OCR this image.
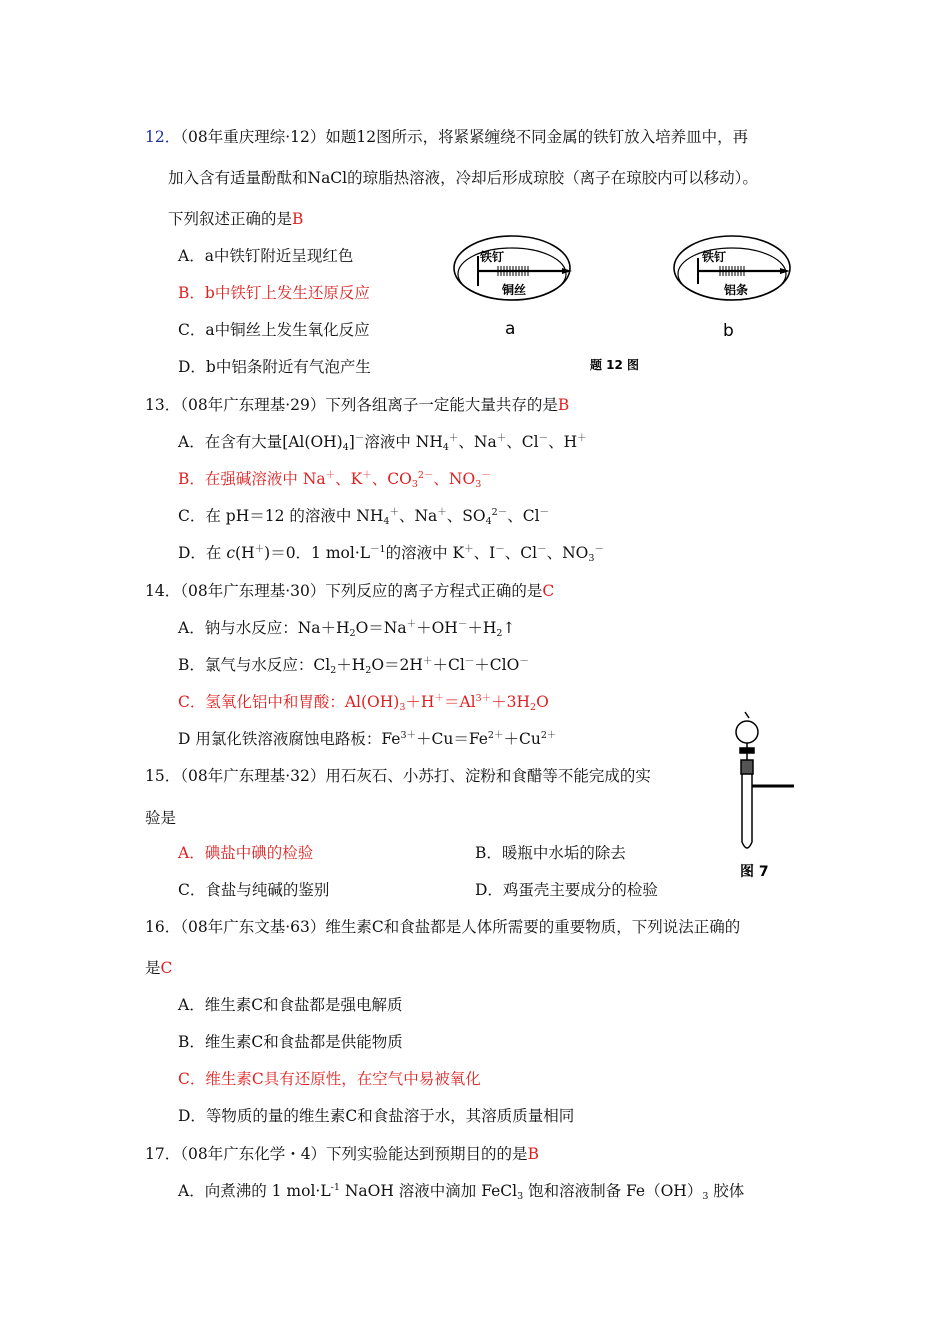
12．（08年重庆理综·12）如题12图所示，将紧紧缠绕不同金属的铁钉放入培养皿中，再
加入含有适量酚酞和NaCl的琼脂热溶液，冷却后形成琼胶（离子在琼胶内可以移动）。
下列叙述正确的是B
A．a中铁钉附近呈现红色
B．b中铁钉上发生还原反应
C．a中铜丝上发生氧化反应
D．b中铝条附近有气泡产生
铁钉
铜丝
a
铁钉
铝条
b
题 12 图
13．（08年广东理基·29）下列各组离子一定能大量共存的是B
A．在含有大量$[Al(OH)_4]^-$溶液中 $NH_4^+$、Na＋、Cl－、H＋
B．在强碱溶液中 Na＋、K＋、$CO_3^{2-}$、$NO_3^-$
C．在 pH＝12 的溶液中 $NH_4^+$、Na＋、$SO_4^{2-}$、Cl－
D．在 c(H＋)＝0．1 $mol\cdot L^{-1}$的溶液中 K＋、I－、Cl－、$NO_3^-$
14．（08年广东理基·30）下列反应的离子方程式正确的是C
A．钠与水反应：$Na+H_2O=Na^++OH^-+H_2↑$
B．氯气与水反应：$Cl_2+H_2O=2H^++Cl^-+ClO^-$
C．氢氧化铝中和胃酸：$Al(OH)_3+H^+=Al^{3+}+3H_2O$
D 用氯化铁溶液腐蚀电路板：$Fe^{3+}+Cu=Fe^{2+}+Cu^{2+}$
15．（08年广东理基·32）用石灰石、小苏打、淀粉和食醋等不能完成的实
验是
A．碘盐中碘的检验	B．暖瓶中水垢的除去
C．食盐与纯碱的鉴别	D．鸡蛋壳主要成分的检验
图 7
16．（08年广东文基·63）维生素C和食盐都是人体所需要的重要物质，下列说法正确的
是C
A．维生素C和食盐都是强电解质
B．维生素C和食盐都是供能物质
C．维生素C具有还原性，在空气中易被氧化
D．等物质的量的维生素C和食盐溶于水，其溶质质量相同
17．（08年广东化学・4）下列实验能达到预期目的的是B
A．向煮沸的 1 $mol\cdot L^{-1}$ NaOH 溶液中滴加 FeCl$_3$ 饱和溶液制备 $Fe(OH)_3$ 胶体
